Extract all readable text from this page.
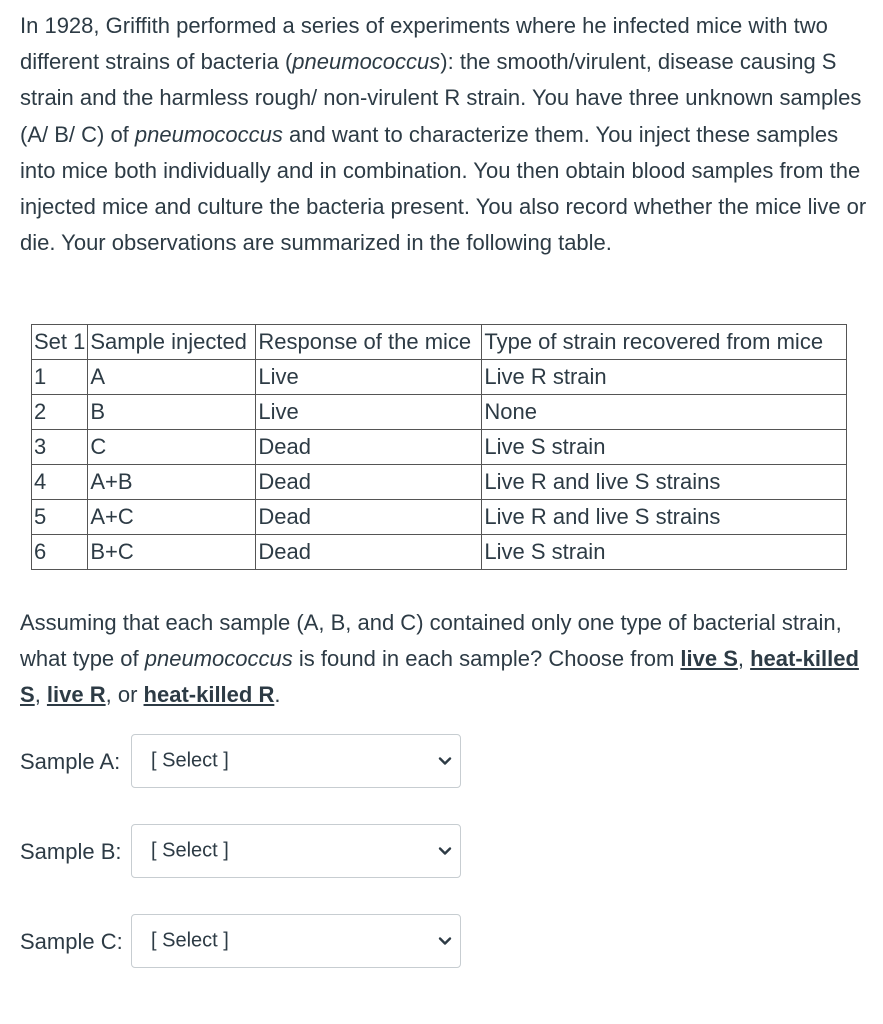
In 1928, Griffith performed a series of experiments where he infected mice with two different strains of bacteria (pneumococcus): the smooth/virulent, disease causing S strain and the harmless rough/ non-virulent R strain. You have three unknown samples (A/ B/ C) of pneumococcus and want to characterize them. You inject these samples into mice both individually and in combination. You then obtain blood samples from the injected mice and culture the bacteria present. You also record whether the mice live or die. Your observations are summarized in the following table.

Set 1	Sample injected	Response of the mice	Type of strain recovered from mice
1	A	Live	Live R strain
2	B	Live	None
3	C	Dead	Live S strain
4	A+B	Dead	Live R and live S strains
5	A+C	Dead	Live R and live S strains
6	B+C	Dead	Live S strain

Assuming that each sample (A, B, and C) contained only one type of bacterial strain, what type of pneumococcus is found in each sample? Choose from live S, heat-killed S, live R, or heat-killed R.

Sample A: [ Select ]
Sample B: [ Select ]
Sample C: [ Select ]
